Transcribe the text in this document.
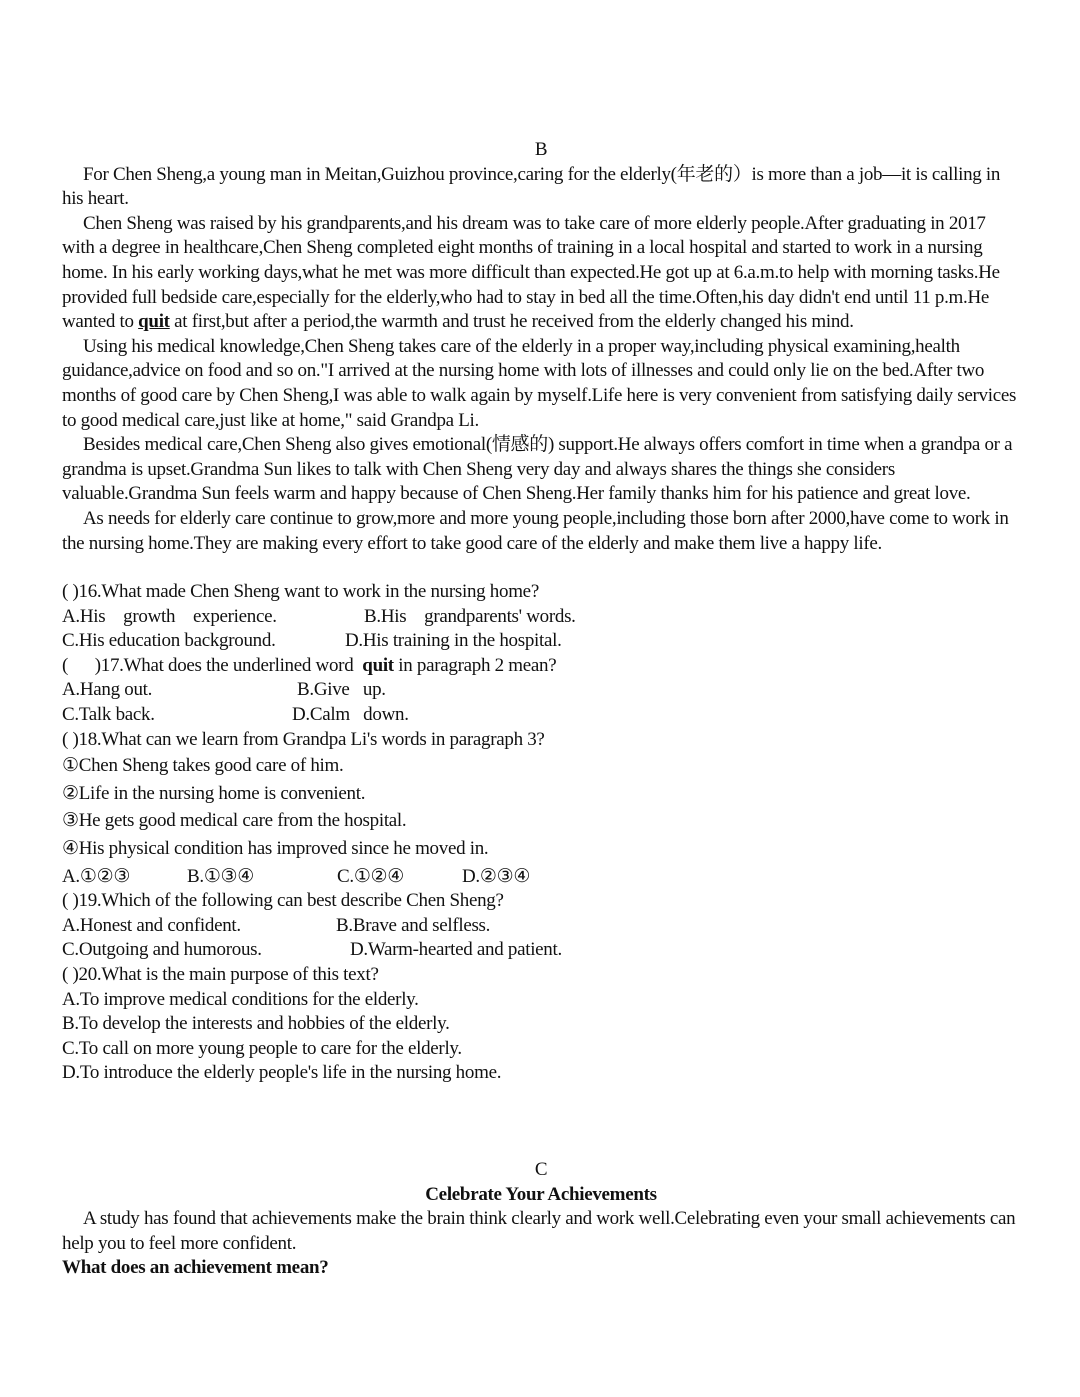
B

For Chen Sheng,a young man in Meitan,Guizhou province,caring for the elderly(年老的）is more than a job—it is calling in his heart.

Chen Sheng was raised by his grandparents,and his dream was to take care of more elderly people.After graduating in 2017 with a degree in healthcare,Chen Sheng completed eight months of training in a local hospital and started to work in a nursing home. In his early working days,what he met was more difficult than expected.He got up at 6.a.m.to help with morning tasks.He provided full bedside care,especially for the elderly,who had to stay in bed all the time.Often,his day didn't end until 11 p.m.He wanted to quit at first,but after a period,the warmth and trust he received from the elderly changed his mind.

Using his medical knowledge,Chen Sheng takes care of the elderly in a proper way,including physical examining,health guidance,advice on food and so on."I arrived at the nursing home with lots of illnesses and could only lie on the bed.After two months of good care by Chen Sheng,I was able to walk again by myself.Life here is very convenient from satisfying daily services to good medical care,just like at home," said Grandpa Li.

Besides medical care,Chen Sheng also gives emotional(情感的) support.He always offers comfort in time when a grandpa or a grandma is upset.Grandma Sun likes to talk with Chen Sheng very day and always shares the things she considers valuable.Grandma Sun feels warm and happy because of Chen Sheng.Her family thanks him for his patience and great love.

As needs for elderly care continue to grow,more and more young people,including those born after 2000,have come to work in the nursing home.They are making every effort to take good care of the elderly and make them live a happy life.

( )16.What made Chen Sheng want to work in the nursing home?

A.His    growth    experience.	B.His    grandparents' words.
C.His education background.	D.His training in the hospital.

(      )17.What does the underlined word  quit in paragraph 2 mean?

A.Hang out.	B.Give   up.
C.Talk back.	D.Calm   down.

( )18.What can we learn from Grandpa Li's words in paragraph 3?

①Chen Sheng takes good care of him.

②Life in the nursing home is convenient.

③He gets good medical care from the hospital.

④His physical condition has improved since he moved in.

A.①②③	B.①③④	C.①②④	D.②③④

( )19.Which of the following can best describe Chen Sheng?

A.Honest and confident.	B.Brave and selfless.
C.Outgoing and humorous.	D.Warm-hearted and patient.

( )20.What is the main purpose of this text?

A.To improve medical conditions for the elderly.

B.To develop the interests and hobbies of the elderly.

C.To call on more young people to care for the elderly.

D.To introduce the elderly people's life in the nursing home.

C

Celebrate Your Achievements

A study has found that achievements make the brain think clearly and work well.Celebrating even your small achievements can help you to feel more confident.

What does an achievement mean?
